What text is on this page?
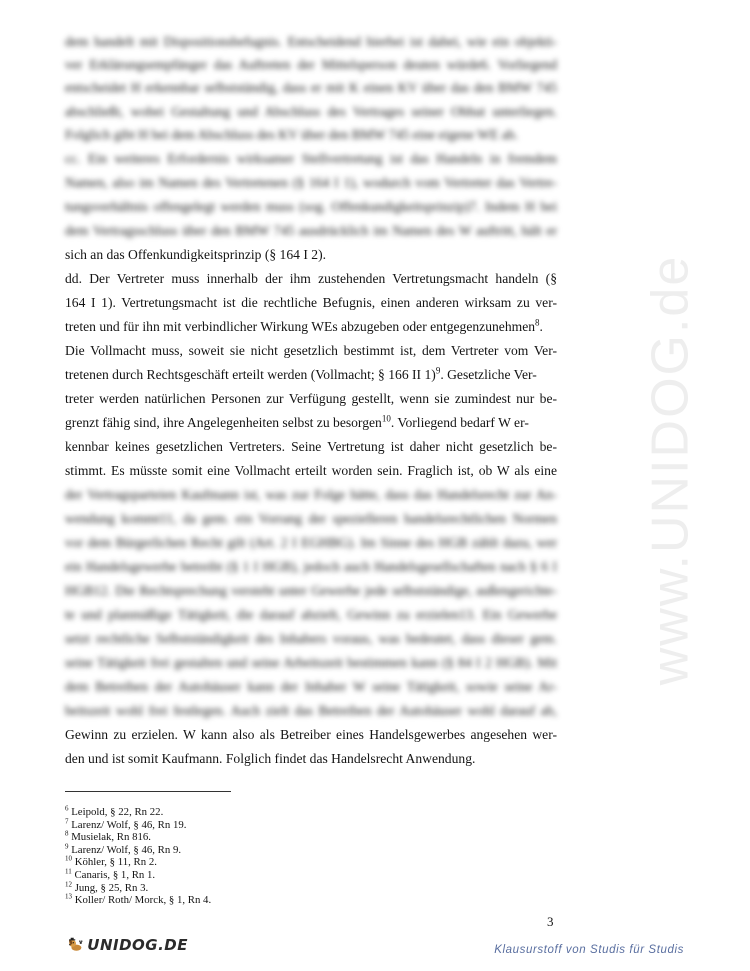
www.UNIDOG.de
dem handelt mit Dispositionsbefugnis. Entscheidend hierbei ist dabei, wie ein objekti-
ver Erklärungsempfänger das Auftreten der Mittelsperson deuten würde6. Vorliegend
entscheidet H erkennbar selbstständig, dass er mit K einen KV über das den BMW 745
abschließt, wobei Gestaltung und Abschluss des Vertrages seiner Obhut unterliegen.
Folglich gibt H bei dem Abschluss des KV über den BMW 745 eine eigene WE ab.
cc. Ein weiteres Erfordernis wirksamer Stellvertretung ist das Handeln in fremdem
Namen, also im Namen des Vertretenen (§ 164 I 1), wodurch vom Vertreter das Vertre-
tungsverhältnis offengelegt werden muss (sog. Offenkundigkeitsprinzip)7. Indem H bei
dem Vertragsschluss über den BMW 745 ausdrücklich im Namen des W auftritt, hält er
sich an das Offenkundigkeitsprinzip (§ 164 I 2).
dd. Der Vertreter muss innerhalb der ihm zustehenden Vertretungsmacht handeln (§
164 I 1). Vertretungsmacht ist die rechtliche Befugnis, einen anderen wirksam zu ver-
treten und für ihn mit verbindlicher Wirkung WEs abzugeben oder entgegenzunehmen$^8$.
Die Vollmacht muss, soweit sie nicht gesetzlich bestimmt ist, dem Vertreter vom Ver-
tretenen durch Rechtsgeschäft erteilt werden (Vollmacht; § 166 II 1)$^9$. Gesetzliche Ver-
treter werden natürlichen Personen zur Verfügung gestellt, wenn sie zumindest nur be-
grenzt fähig sind, ihre Angelegenheiten selbst zu besorgen$^{10}$. Vorliegend bedarf W er-
kennbar keines gesetzlichen Vertreters. Seine Vertretung ist daher nicht gesetzlich be-
stimmt. Es müsste somit eine Vollmacht erteilt worden sein. Fraglich ist, ob W als eine
der Vertragsparteien Kaufmann ist, was zur Folge hätte, dass das Handelsrecht zur An-
wendung kommt11, da gem. ein Vorrang der spezielleren handelsrechtlichen Normen
vor dem Bürgerlichen Recht gilt (Art. 2 I EGHBG). Im Sinne des HGB zählt dazu, wer
ein Handelsgewerbe betreibt (§ 1 I HGB), jedoch auch Handelsgesellschaften nach § 6 I
HGB12. Die Rechtsprechung versteht unter Gewerbe jede selbstständige, außengerichte-
te und planmäßige Tätigkeit, die darauf abzielt, Gewinn zu erzielen13. Ein Gewerbe
setzt rechtliche Selbstständigkeit des Inhabers voraus, was bedeutet, dass dieser gem.
seine Tätigkeit frei gestalten und seine Arbeitszeit bestimmen kann (§ 84 I 2 HGB). Mit
dem Betreiben der Autohäuser kann der Inhaber W seine Tätigkeit, sowie seine Ar-
beitszeit wohl frei festlegen. Auch zielt das Betreiben der Autohäuser wohl darauf ab,
Gewinn zu erzielen. W kann also als Betreiber eines Handelsgewerbes angesehen wer-
den und ist somit Kaufmann. Folglich findet das Handelsrecht Anwendung.
$^6$ Leipold, § 22, Rn 22.
$^7$ Larenz/ Wolf, § 46, Rn 19.
$^8$ Musielak, Rn 816.
$^9$ Larenz/ Wolf, § 46, Rn 9.
$^{10}$ Köhler, § 11, Rn 2.
$^{11}$ Canaris, § 1, Rn 1.
$^{12}$ Jung, § 25, Rn 3.
$^{13}$ Koller/ Roth/ Morck, § 1, Rn 4.
3
UNIDOG.DE	Klausurstoff von Studis für Studis
